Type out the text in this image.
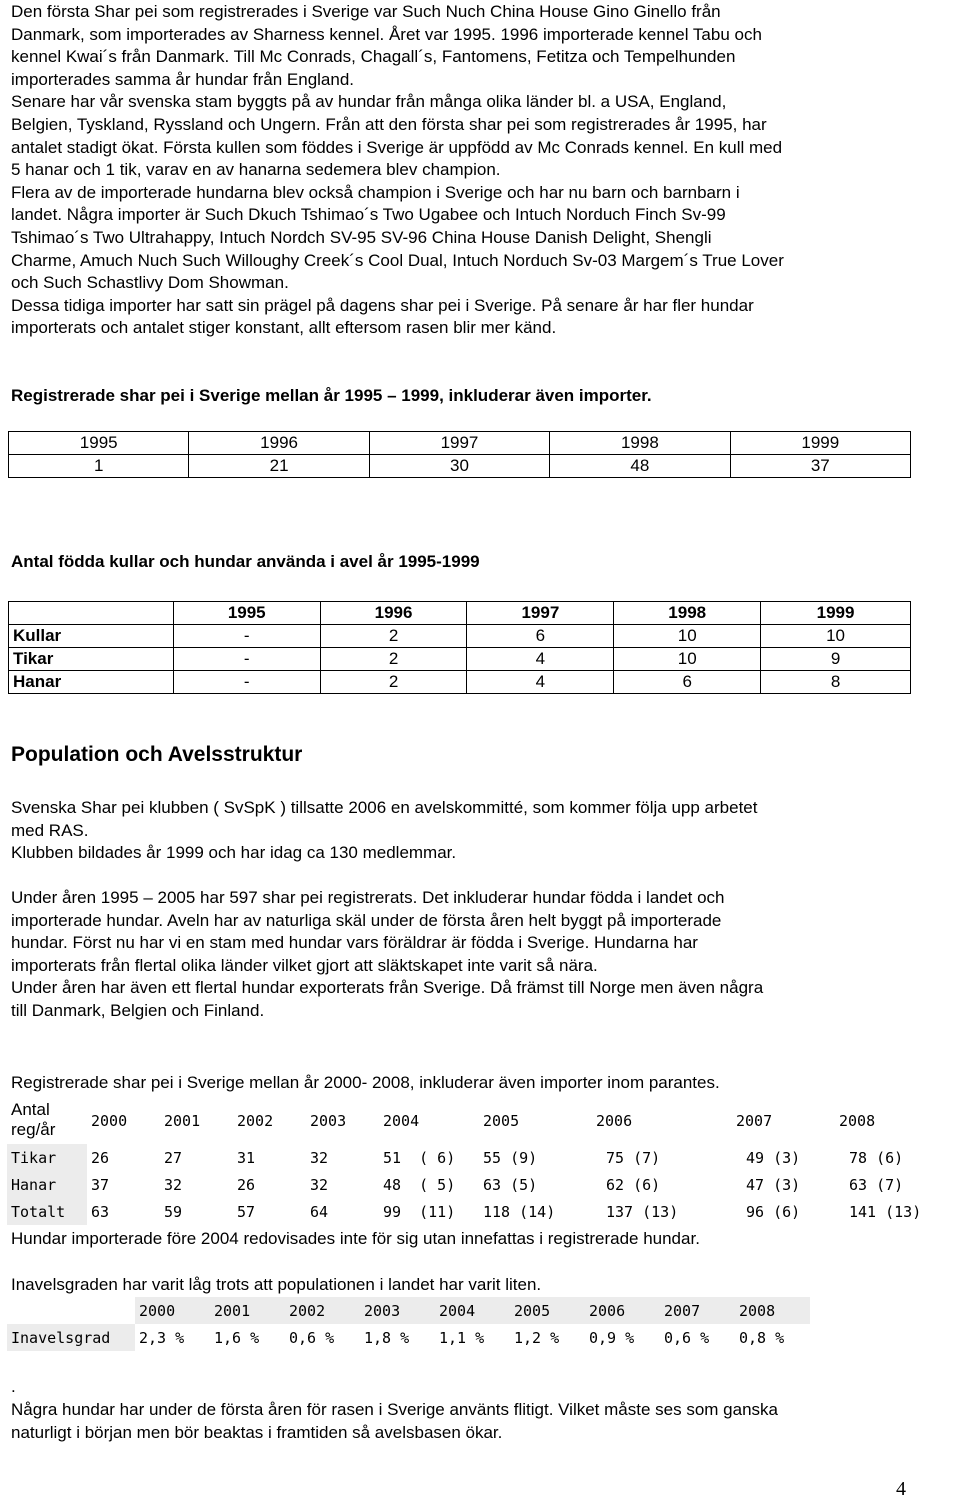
Den första Shar pei som registrerades i Sverige var Such Nuch China House Gino Ginello från

Danmark, som importerades av Sharness kennel. Året var 1995. 1996 importerade kennel Tabu och

kennel Kwai´s från Danmark. Till Mc Conrads, Chagall´s, Fantomens, Fetitza och Tempelhunden

importerades samma år hundar från England.

Senare har vår svenska stam byggts på av hundar från många olika länder bl. a USA, England,

Belgien, Tyskland, Ryssland och Ungern. Från att den första shar pei som registrerades år 1995, har

antalet stadigt ökat. Första kullen som föddes i Sverige är uppfödd av Mc Conrads kennel. En kull med

5 hanar och 1 tik, varav en av hanarna sedemera blev champion.

Flera av de importerade hundarna blev också champion i Sverige och har nu barn och barnbarn i

landet. Några importer är Such Dkuch Tshimao´s Two Ugabee och Intuch Norduch Finch Sv-99

Tshimao´s Two Ultrahappy, Intuch Nordch SV-95 SV-96 China House Danish Delight, Shengli

Charme, Amuch Nuch Such Willoughy Creek´s Cool Dual, Intuch Norduch Sv-03 Margem´s True Lover

och Such Schastlivy Dom Showman.

Dessa tidiga importer har satt sin prägel på dagens shar pei i Sverige. På senare år har fler hundar

importerats och antalet stiger konstant, allt eftersom rasen blir mer känd.

Registrerade shar pei i Sverige mellan år 1995 – 1999, inkluderar även importer.
1995	1996	1997	1998	1999
1	21	30	48	37
Antal födda kullar och hundar använda i avel år 1995-1999
	1995	1996	1997	1998	1999
Kullar	-	2	6	10	10
Tikar	-	2	4	10	9
Hanar	-	2	4	6	8
Population och Avelsstruktur

Svenska Shar pei klubben ( SvSpK ) tillsatte 2006 en avelskommitté, som kommer följa upp arbetet

med RAS.

Klubben bildades år 1999 och har idag ca 130 medlemmar.

Under åren 1995 – 2005 har 597 shar pei registrerats. Det inkluderar hundar födda i landet och

importerade hundar. Aveln har av naturliga skäl under de första åren helt byggt på importerade

hundar. Först nu har vi en stam med hundar vars föräldrar är födda i Sverige. Hundarna har

importerats från flertal olika länder vilket gjort att släktskapet inte varit så nära.

Under åren har även ett flertal hundar exporterats från Sverige. Då främst till Norge men även några

till Danmark, Belgien och Finland.

Registrerade shar pei i Sverige mellan år 2000- 2008, inkluderar även importer inom parantes.
Antal
reg/år	2000	2001	2002	2003	2004	2005	2006	2007	2008
Tikar	26	27	31	32	51  ( 6)	55 (9)	75 (7)	49 (3)	78 (6)
Hanar	37	32	26	32	48  ( 5)	63 (5)	62 (6)	47 (3)	63 (7)
Totalt	63	59	57	64	99  (11)	118 (14)	137 (13)	96 (6)	141 (13)
Hundar importerade före 2004 redovisades inte för sig utan innefattas i registrerade hundar.
Inavelsgraden har varit låg trots att populationen i landet har varit liten.
	2000	2001	2002	2003	2004	2005	2006	2007	2008
Inavelsgrad	2,3 %	1,6 %	0,6 %	1,8 %	1,1 %	1,2 %	0,9 %	0,6 %	0,8 %
.

Några hundar har under de första åren för rasen i Sverige använts flitigt. Vilket måste ses som ganska

naturligt i början men bör beaktas i framtiden så avelsbasen ökar.

4
